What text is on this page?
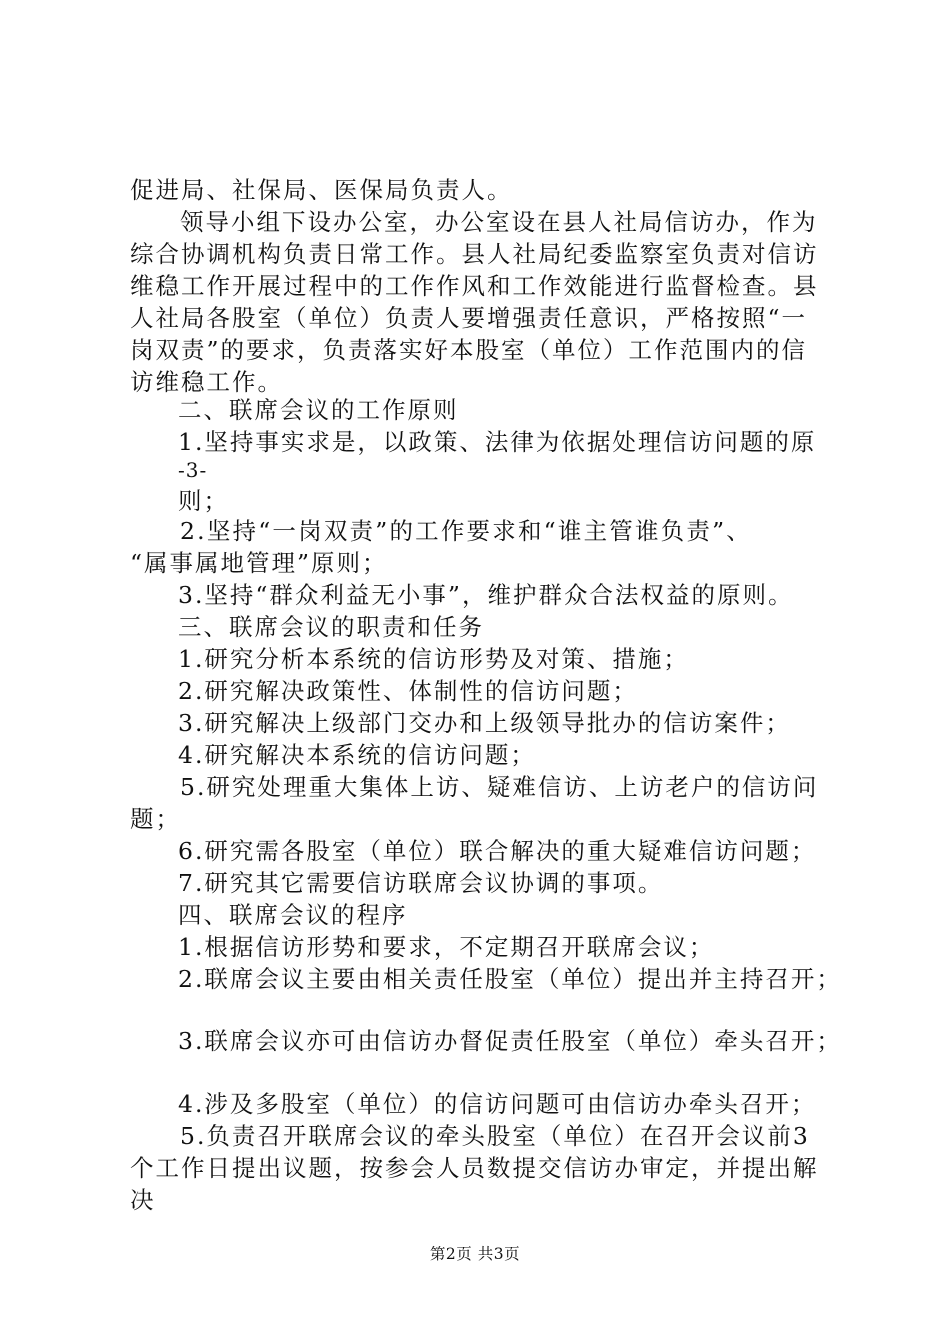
促进局、社保局、医保局负责人。
领导小组下设办公室，办公室设在县人社局信访办，作为
综合协调机构负责日常工作。县人社局纪委监察室负责对信访
维稳工作开展过程中的工作作风和工作效能进行监督检查。县
人社局各股室（单位）负责人要增强责任意识，严格按照“一
岗双责”的要求，负责落实好本股室（单位）工作范围内的信
访维稳工作。
二、联席会议的工作原则
1.坚持事实求是，以政策、法律为依据处理信访问题的原
-3-
则；
2.坚持“一岗双责”的工作要求和“谁主管谁负责”、
“属事属地管理”原则；
3.坚持“群众利益无小事”，维护群众合法权益的原则。
三、联席会议的职责和任务
1.研究分析本系统的信访形势及对策、措施；
2.研究解决政策性、体制性的信访问题；
3.研究解决上级部门交办和上级领导批办的信访案件；
4.研究解决本系统的信访问题；
5.研究处理重大集体上访、疑难信访、上访老户的信访问
题；
6.研究需各股室（单位）联合解决的重大疑难信访问题；
7.研究其它需要信访联席会议协调的事项。
四、联席会议的程序
1.根据信访形势和要求，不定期召开联席会议；
2.联席会议主要由相关责任股室（单位）提出并主持召开；
3.联席会议亦可由信访办督促责任股室（单位）牵头召开；
4.涉及多股室（单位）的信访问题可由信访办牵头召开；
5.负责召开联席会议的牵头股室（单位）在召开会议前3
个工作日提出议题，按参会人员数提交信访办审定，并提出解
决
第2页 共3页
